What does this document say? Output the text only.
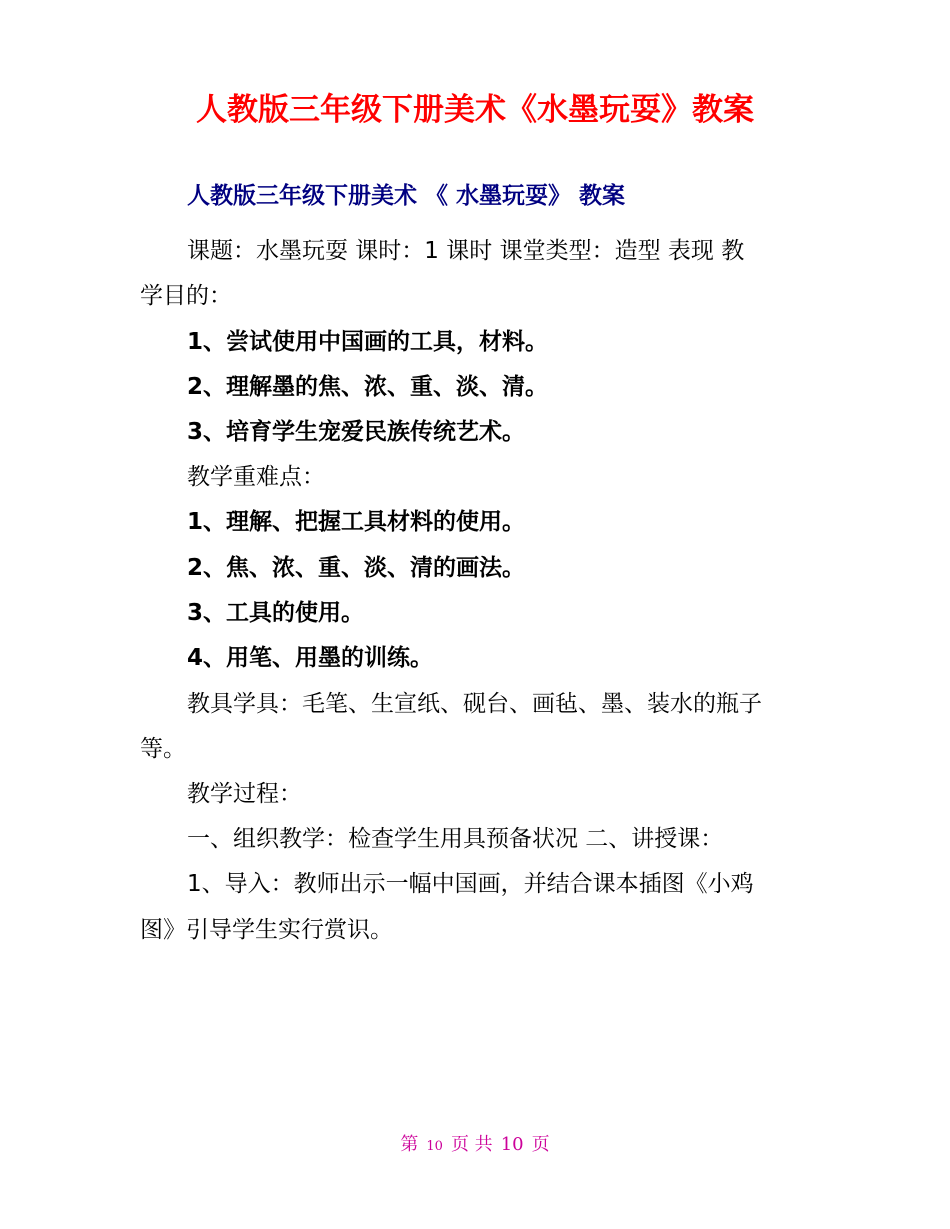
人教版三年级下册美术《水墨玩耍》教案
人教版三年级下册美术 《 水墨玩耍》 教案
课题：水墨玩耍 课时：1 课时 课堂类型：造型 表现 教
学目的：
1、尝试使用中国画的工具，材料。
2、理解墨的焦、浓、重、淡、清。
3、培育学生宠爱民族传统艺术。
教学重难点：
1、理解、把握工具材料的使用。
2、焦、浓、重、淡、清的画法。
3、工具的使用。
4、用笔、用墨的训练。
教具学具：毛笔、生宣纸、砚台、画毡、墨、装水的瓶子
等。
教学过程：
一、组织教学：检查学生用具预备状况 二、讲授课：
1、导入：教师出示一幅中国画，并结合课本插图《小鸡
图》引导学生实行赏识。
第 10 页 共 10 页
